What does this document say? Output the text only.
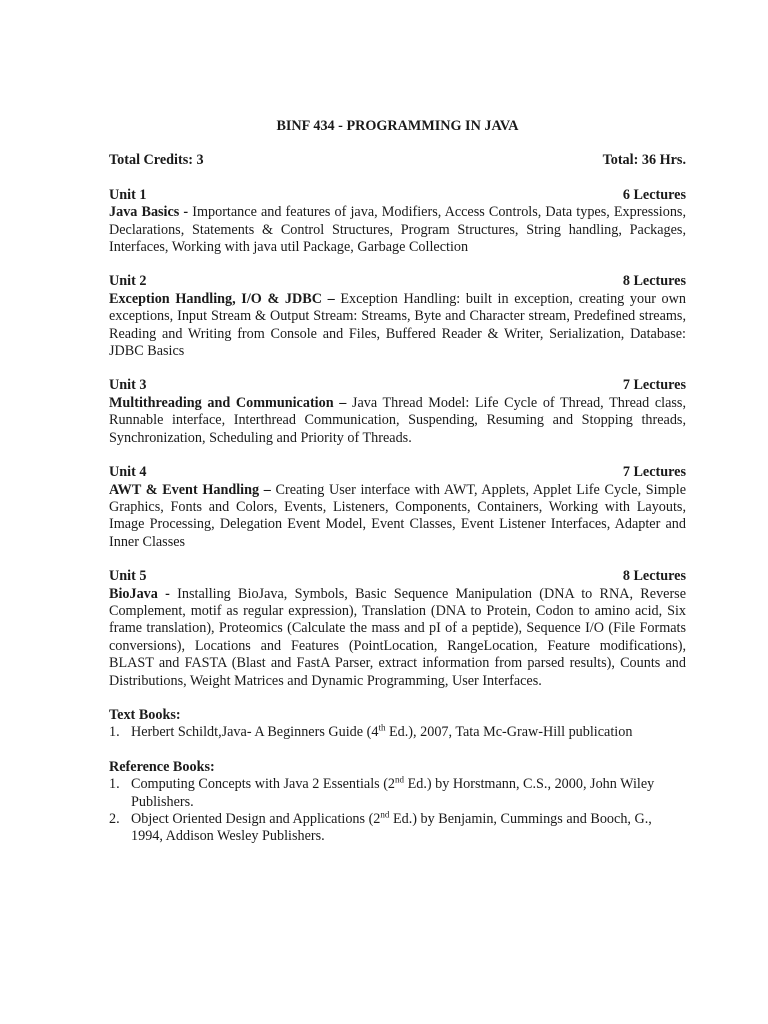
BINF 434 - PROGRAMMING IN JAVA
Total Credits: 3	Total: 36 Hrs.
Unit 1	6 Lectures
Java Basics - Importance and features of java, Modifiers, Access Controls, Data types, Expressions, Declarations, Statements & Control Structures, Program Structures, String handling, Packages, Interfaces, Working with java util Package, Garbage Collection
Unit 2	8 Lectures
Exception Handling, I/O & JDBC – Exception Handling: built in exception, creating your own exceptions, Input Stream & Output Stream: Streams, Byte and Character stream, Predefined streams, Reading and Writing from Console and Files, Buffered Reader & Writer, Serialization, Database: JDBC Basics
Unit 3	7 Lectures
Multithreading and Communication – Java Thread Model: Life Cycle of Thread, Thread class, Runnable interface, Interthread Communication, Suspending, Resuming and Stopping threads, Synchronization, Scheduling and Priority of Threads.
Unit 4	7 Lectures
AWT & Event Handling – Creating User interface with AWT, Applets, Applet Life Cycle, Simple Graphics, Fonts and Colors, Events, Listeners, Components, Containers, Working with Layouts, Image Processing, Delegation Event Model, Event Classes, Event Listener Interfaces, Adapter and Inner Classes
Unit 5	8 Lectures
BioJava - Installing BioJava, Symbols, Basic Sequence Manipulation (DNA to RNA, Reverse Complement, motif as regular expression), Translation (DNA to Protein, Codon to amino acid, Six frame translation), Proteomics (Calculate the mass and pI of a peptide), Sequence I/O (File Formats conversions), Locations and Features (PointLocation, RangeLocation, Feature modifications), BLAST and FASTA (Blast and FastA Parser, extract information from parsed results), Counts and Distributions, Weight Matrices and Dynamic Programming, User Interfaces.
Text Books:
1. Herbert Schildt,Java- A Beginners Guide (4th Ed.), 2007, Tata Mc-Graw-Hill publication
Reference Books:
1. Computing Concepts with Java 2 Essentials (2nd Ed.) by Horstmann, C.S., 2000, John Wiley Publishers.
2. Object Oriented Design and Applications (2nd Ed.) by Benjamin, Cummings and Booch, G., 1994, Addison Wesley Publishers.
